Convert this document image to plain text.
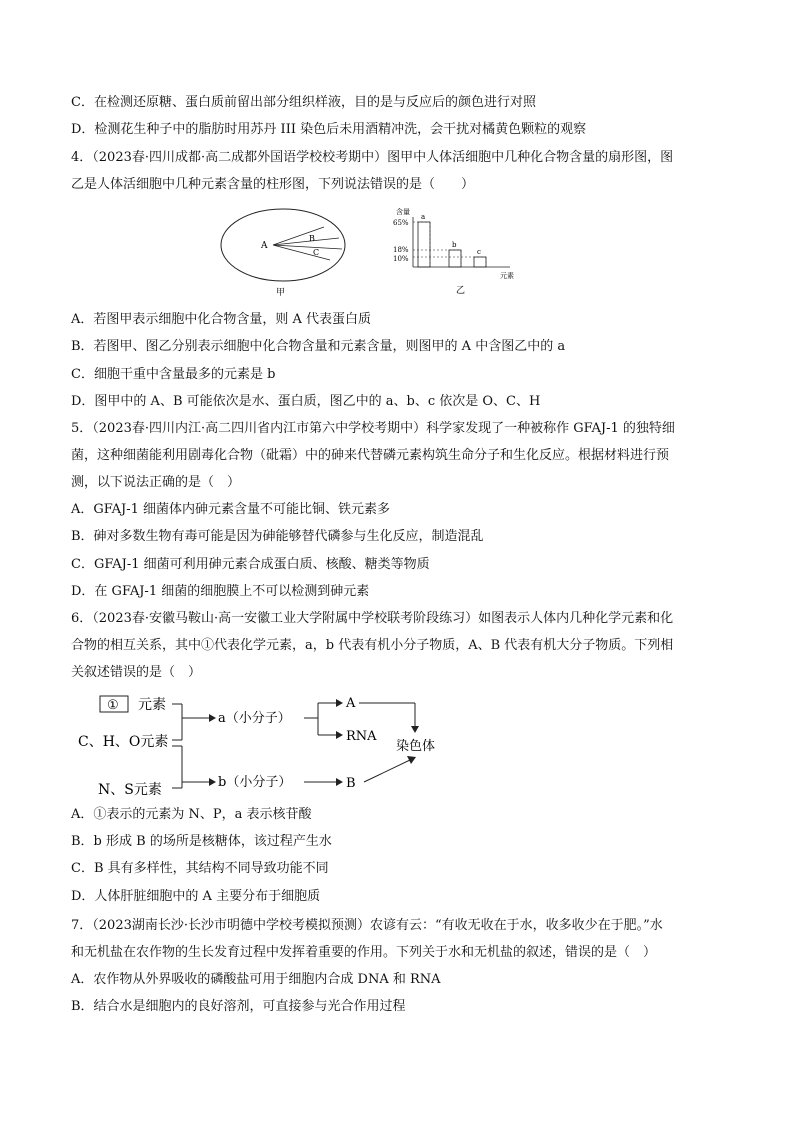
C．在检测还原糖、蛋白质前留出部分组织样液，目的是与反应后的颜色进行对照
D．检测花生种子中的脂肪时用苏丹 III 染色后未用酒精冲洗，会干扰对橘黄色颗粒的观察
4．（2023春·四川成都·高二成都外国语学校校考期中）图甲中人体活细胞中几种化合物含量的扇形图，图
乙是人体活细胞中几种元素含量的柱形图，下列说法错误的是（　　）
A
B
C
甲
含量
元素
65%
18%
10%
a
b
c
乙
A．若图甲表示细胞中化合物含量，则 A 代表蛋白质
B．若图甲、图乙分别表示细胞中化合物含量和元素含量，则图甲的 A 中含图乙中的 a
C．细胞干重中含量最多的元素是 b
D．图甲中的 A、B 可能依次是水、蛋白质，图乙中的 a、b、c 依次是 O、C、H
5．（2023春·四川内江·高二四川省内江市第六中学校考期中）科学家发现了一种被称作 GFAJ-1 的独特细
菌，这种细菌能利用剧毒化合物（砒霜）中的砷来代替磷元素构筑生命分子和生化反应。根据材料进行预
测，以下说法正确的是（　）
A．GFAJ-1 细菌体内砷元素含量不可能比铜、铁元素多
B．砷对多数生物有毒可能是因为砷能够替代磷参与生化反应，制造混乱
C．GFAJ-1 细菌可利用砷元素合成蛋白质、核酸、糖类等物质
D．在 GFAJ-1 细菌的细胞膜上不可以检测到砷元素
6．（2023春·安徽马鞍山·高一安徽工业大学附属中学校联考阶段练习）如图表示人体内几种化学元素和化
合物的相互关系，其中①代表化学元素，a，b 代表有机小分子物质，A、B 代表有机大分子物质。下列相
关叙述错误的是（　）
① 元素
C、H、O元素
N、S元素
a（小分子）
b（小分子）
A
RNA
B
染色体
A．①表示的元素为 N、P，a 表示核苷酸
B．b 形成 B 的场所是核糖体，该过程产生水
C．B 具有多样性，其结构不同导致功能不同
D．人体肝脏细胞中的 A 主要分布于细胞质
7．（2023湖南长沙·长沙市明德中学校考模拟预测）农谚有云：“有收无收在于水，收多收少在于肥。”水
和无机盐在农作物的生长发育过程中发挥着重要的作用。下列关于水和无机盐的叙述，错误的是（　）
A．农作物从外界吸收的磷酸盐可用于细胞内合成 DNA 和 RNA
B．结合水是细胞内的良好溶剂，可直接参与光合作用过程
